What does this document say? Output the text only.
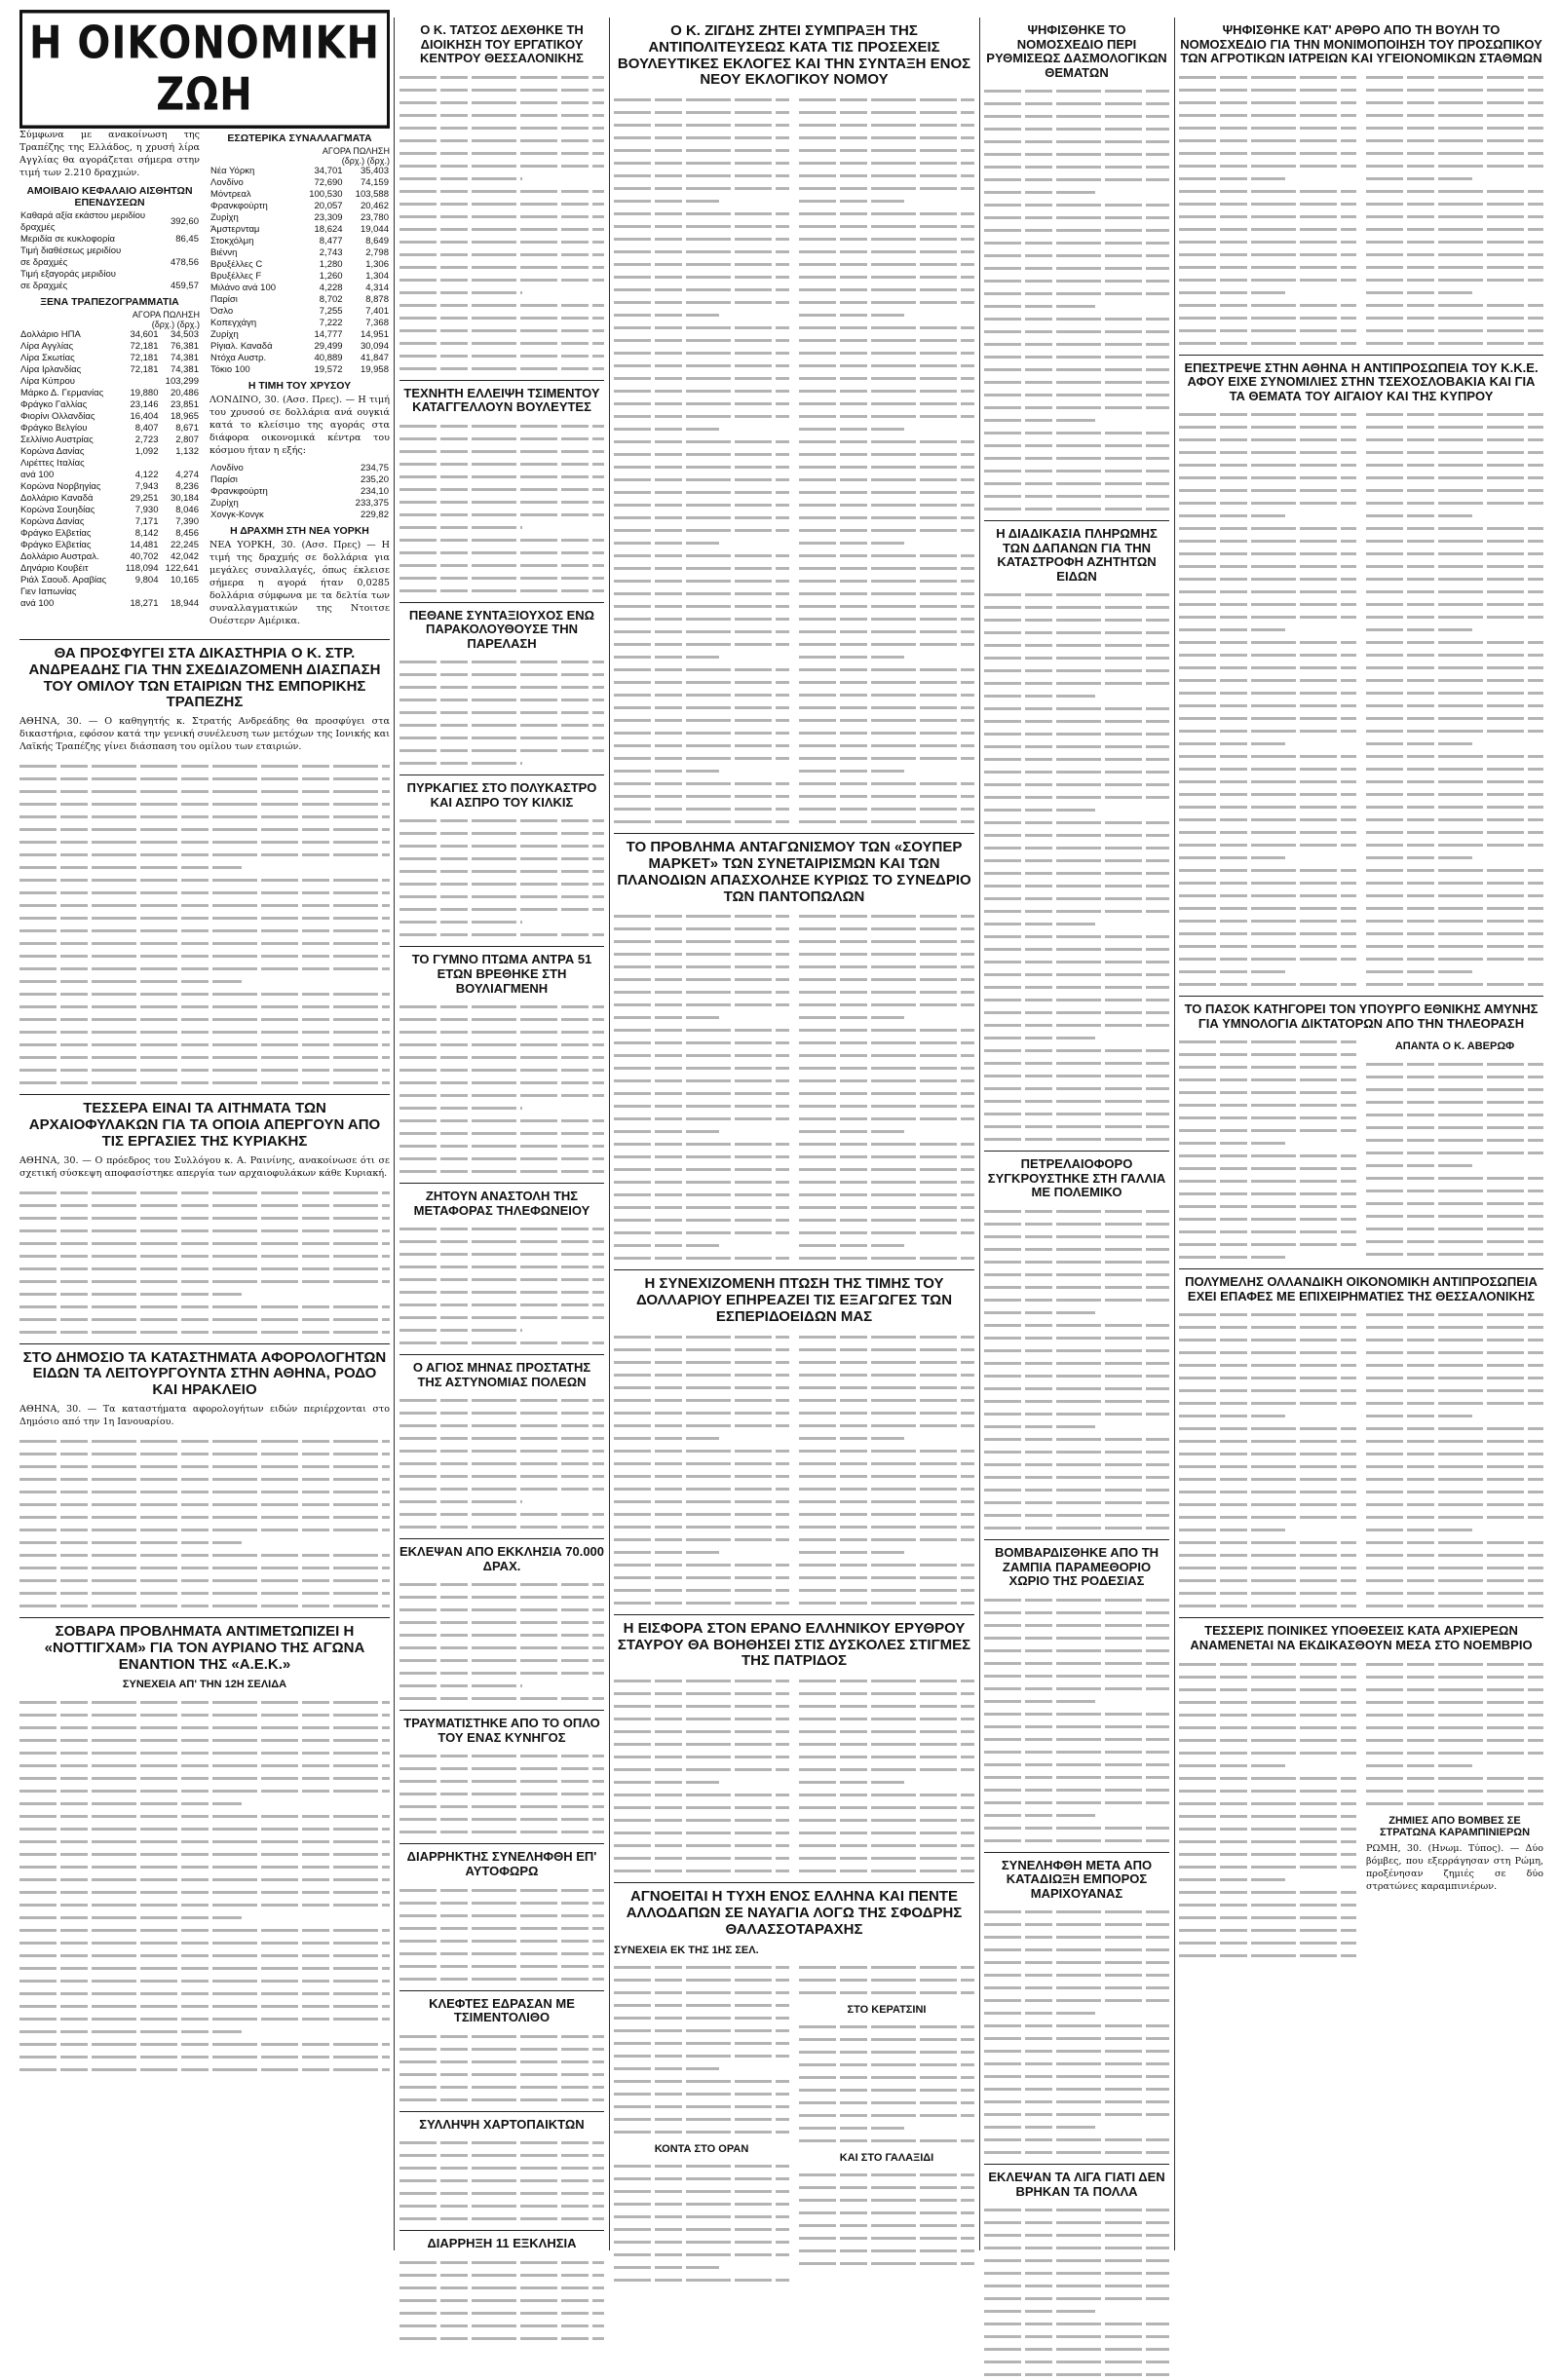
Η ΟΙΚΟΝΟΜΙΚΗ ΖΩΗ

Σύμφωνα με ανακοίνωση της Τραπέζης της Ελλάδος, η χρυσή λίρα Αγγλίας θα αγοράζεται σήμερα στην τιμή των 2.210 δραχμών.

ΑΜΟΙΒΑΙΟ ΚΕΦΑΛΑΙΟ ΑΙΣΘΗΤΩΝ ΕΠΕΝΔΥΣΕΩΝ
Καθαρά αξία εκάστου μεριδίου δραχμές	392,60
Μεριδία σε κυκλοφορία	86,45
Τιμή διαθέσεως μεριδίου	
σε δραχμές	478,56
Τιμή εξαγοράς μεριδίου	
σε δραχμές	459,57
ΞΕΝΑ ΤΡΑΠΕΖΟΓΡΑΜΜΑΤΙΑ
ΑΓΟΡΑ ΠΩΛΗΣΗ
(δρχ.) (δρχ.)
Δολλάριο ΗΠΑ	34,601	34,503
Λίρα Αγγλίας	72,181	76,381
Λίρα Σκωτίας	72,181	74,381
Λίρα Ιρλανδίας	72,181	74,381
Λίρα Κύπρου		103,299
Μάρκο Δ. Γερμανίας	19,880	20,486
Φράγκο Γαλλίας	23,146	23,851
Φιορίνι Ολλανδίας	16,404	18,965
Φράγκο Βελγίου	8,407	8,671
Σελλίνιο Αυστρίας	2,723	2,807
Κορώνα Δανίας	1,092	1,132
Λιρέττες Ιταλίας		
ανά 100	4,122	4,274
Κορώνα Νορβηγίας	7,943	8,236
Δολλάριο Καναδά	29,251	30,184
Κορώνα Σουηδίας	7,930	8,046
Κορώνα Δανίας	7,171	7,390
Φράγκο Ελβετίας	8,142	8,456
Φράγκο Ελβετίας	14,481	22,245
Δολλάριο Αυστραλ.	40,702	42,042
Δηνάριο Κουβέιτ	118,094	122,641
Ριάλ Σαουδ. Αραβίας	9,804	10,165
Γιεν Ιαπωνίας		
ανά 100	18,271	18,944
ΕΣΩΤΕΡΙΚΑ ΣΥΝΑΛΛΑΓΜΑΤΑ
ΑΓΟΡΑ ΠΩΛΗΣΗ
(δρχ.) (δρχ.)
Νέα Υόρκη	34,701	35,403
Λονδίνο	72,690	74,159
Μόντρεαλ	100,530	103,588
Φρανκφούρτη	20,057	20,462
Ζυρίχη	23,309	23,780
Άμστερνταμ	18,624	19,044
Στοκχόλμη	8,477	8,649
Βιέννη	2,743	2,798
Βρυξέλλες C	1,280	1,306
Βρυξέλλες F	1,260	1,304
Μιλάνο ανά 100	4,228	4,314
Παρίσι	8,702	8,878
Όσλο	7,255	7,401
Κοπεγχάγη	7,222	7,368
Ζυρίχη	14,777	14,951
Ρίγιαλ. Καναδά	29,499	30,094
Ντόχα Αυστρ.	40,889	41,847
Τόκιο 100	19,572	19,958
Η ΤΙΜΗ ΤΟΥ ΧΡΥΣΟΥ

ΛΟΝΔΙΝΟ, 30. (Ασσ. Πρες). — Η τιμή του χρυσού σε δολλάρια ανά ουγκιά κατά το κλείσιμο της αγοράς στα διάφορα οικονομικά κέντρα του κόσμου ήταν η εξής:

Λονδίνο	234,75
Παρίσι	235,20
Φρανκφούρτη	234,10
Ζυρίχη	233,375
Χονγκ-Κονγκ	229,82
Η ΔΡΑΧΜΗ ΣΤΗ ΝΕΑ ΥΟΡΚΗ

ΝΕΑ ΥΟΡΚΗ, 30. (Ασσ. Πρες) — Η τιμή της δραχμής σε δολλάρια για μεγάλες συναλλαγές, όπως έκλεισε σήμερα η αγορά ήταν 0,0285 δολλάρια σύμφωνα με τα δελτία των συναλλαγματικών της Ντοιτσε Ουέστερν Αμέρικα.

ΘΑ ΠΡΟΣΦΥΓΕΙ ΣΤΑ ΔΙΚΑΣΤΗΡΙΑ Ο Κ. ΣΤΡ. ΑΝΔΡΕΑΔΗΣ ΓΙΑ ΤΗΝ ΣΧΕΔΙΑΖΟΜΕΝΗ ΔΙΑΣΠΑΣΗ ΤΟΥ ΟΜΙΛΟΥ ΤΩΝ ΕΤΑΙΡΙΩΝ ΤΗΣ ΕΜΠΟΡΙΚΗΣ ΤΡΑΠΕΖΗΣ

ΑΘΗΝΑ, 30. — Ο καθηγητής κ. Στρατής Ανδρεάδης θα προσφύγει στα δικαστήρια, εφόσον κατά την γενική συνέλευση των μετόχων της Ιονικής και Λαϊκής Τραπέζης γίνει διάσπαση του ομίλου των εταιριών.

ΤΕΣΣΕΡΑ ΕΙΝΑΙ ΤΑ ΑΙΤΗΜΑΤΑ ΤΩΝ ΑΡΧΑΙΟΦΥΛΑΚΩΝ ΓΙΑ ΤΑ ΟΠΟΙΑ ΑΠΕΡΓΟΥΝ ΑΠΟ ΤΙΣ ΕΡΓΑΣΙΕΣ ΤΗΣ ΚΥΡΙΑΚΗΣ

ΑΘΗΝΑ, 30. — Ο πρόεδρος του Συλλόγου κ. Α. Ραινίνης, ανακοίνωσε ότι σε σχετική σύσκεψη αποφασίστηκε απεργία των αρχαιοφυλάκων κάθε Κυριακή.

ΣΤΟ ΔΗΜΟΣΙΟ ΤΑ ΚΑΤΑΣΤΗΜΑΤΑ ΑΦΟΡΟΛΟΓΗΤΩΝ ΕΙΔΩΝ ΤΑ ΛΕΙΤΟΥΡΓΟΥΝΤΑ ΣΤΗΝ ΑΘΗΝΑ, ΡΟΔΟ ΚΑΙ ΗΡΑΚΛΕΙΟ

ΑΘΗΝΑ, 30. — Τα καταστήματα αφορολογήτων ειδών περιέρχονται στο Δημόσιο από την 1η Ιανουαρίου.

ΣΟΒΑΡΑ ΠΡΟΒΛΗΜΑΤΑ ΑΝΤΙΜΕΤΩΠΙΖΕΙ Η «ΝΟΤΤΙΓΧΑΜ» ΓΙΑ ΤΟΝ ΑΥΡΙΑΝΟ ΤΗΣ ΑΓΩΝΑ ΕΝΑΝΤΙΟΝ ΤΗΣ «Α.Ε.Κ.»
ΣΥΝΕΧΕΙΑ ΑΠ' ΤΗΝ 12Η ΣΕΛΙΔΑ
Ο Κ. ΤΑΤΣΟΣ ΔΕΧΘΗΚΕ ΤΗ ΔΙΟΙΚΗΣΗ ΤΟΥ ΕΡΓΑΤΙΚΟΥ ΚΕΝΤΡΟΥ ΘΕΣΣΑΛΟΝΙΚΗΣ
ΤΕΧΝΗΤΗ ΕΛΛΕΙΨΗ ΤΣΙΜΕΝΤΟΥ ΚΑΤΑΓΓΕΛΛΟΥΝ ΒΟΥΛΕΥΤΕΣ
ΠΕΘΑΝΕ ΣΥΝΤΑΞΙΟΥΧΟΣ ΕΝΩ ΠΑΡΑΚΟΛΟΥΘΟΥΣΕ ΤΗΝ ΠΑΡΕΛΑΣΗ
ΠΥΡΚΑΓΙΕΣ ΣΤΟ ΠΟΛΥΚΑΣΤΡΟ ΚΑΙ ΑΣΠΡΟ ΤΟΥ ΚΙΛΚΙΣ
ΤΟ ΓΥΜΝΟ ΠΤΩΜΑ ΑΝΤΡΑ 51 ΕΤΩΝ ΒΡΕΘΗΚΕ ΣΤΗ ΒΟΥΛΙΑΓΜΕΝΗ
ΖΗΤΟΥΝ ΑΝΑΣΤΟΛΗ ΤΗΣ ΜΕΤΑΦΟΡΑΣ ΤΗΛΕΦΩΝΕΙΟΥ
Ο ΑΓΙΟΣ ΜΗΝΑΣ ΠΡΟΣΤΑΤΗΣ ΤΗΣ ΑΣΤΥΝΟΜΙΑΣ ΠΟΛΕΩΝ
ΕΚΛΕΨΑΝ ΑΠΟ ΕΚΚΛΗΣΙΑ 70.000 ΔΡΑΧ.
ΤΡΑΥΜΑΤΙΣΤΗΚΕ ΑΠΟ ΤΟ ΟΠΛΟ ΤΟΥ ΕΝΑΣ ΚΥΝΗΓΟΣ
ΔΙΑΡΡΗΚΤΗΣ ΣΥΝΕΛΗΦΘΗ ΕΠ' ΑΥΤΟΦΩΡΩ
ΚΛΕΦΤΕΣ ΕΔΡΑΣΑΝ ΜΕ ΤΣΙΜΕΝΤΟΛΙΘΟ
ΣΥΛΛΗΨΗ ΧΑΡΤΟΠΑΙΚΤΩΝ
ΔΙΑΡΡΗΞΗ 11 ΕΞΚΛΗΣΙΑ
Ο Κ. ΖΙΓΔΗΣ ΖΗΤΕΙ ΣΥΜΠΡΑΞΗ ΤΗΣ ΑΝΤΙΠΟΛΙΤΕΥΣΕΩΣ ΚΑΤΑ ΤΙΣ ΠΡΟΣΕΧΕΙΣ ΒΟΥΛΕΥΤΙΚΕΣ ΕΚΛΟΓΕΣ ΚΑΙ ΤΗΝ ΣΥΝΤΑΞΗ ΕΝΟΣ ΝΕΟΥ ΕΚΛΟΓΙΚΟΥ ΝΟΜΟΥ
ΤΟ ΠΡΟΒΛΗΜΑ ΑΝΤΑΓΩΝΙΣΜΟΥ ΤΩΝ «ΣΟΥΠΕΡ ΜΑΡΚΕΤ» ΤΩΝ ΣΥΝΕΤΑΙΡΙΣΜΩΝ ΚΑΙ ΤΩΝ ΠΛΑΝΟΔΙΩΝ ΑΠΑΣΧΟΛΗΣΕ ΚΥΡΙΩΣ ΤΟ ΣΥΝΕΔΡΙΟ ΤΩΝ ΠΑΝΤΟΠΩΛΩΝ
Η ΣΥΝΕΧΙΖΟΜΕΝΗ ΠΤΩΣΗ ΤΗΣ ΤΙΜΗΣ ΤΟΥ ΔΟΛΛΑΡΙΟΥ ΕΠΗΡΕΑΖΕΙ ΤΙΣ ΕΞΑΓΩΓΕΣ ΤΩΝ ΕΣΠΕΡΙΔΟΕΙΔΩΝ ΜΑΣ
Η ΕΙΣΦΟΡΑ ΣΤΟΝ ΕΡΑΝΟ ΕΛΛΗΝΙΚΟΥ ΕΡΥΘΡΟΥ ΣΤΑΥΡΟΥ ΘΑ ΒΟΗΘΗΣΕΙ ΣΤΙΣ ΔΥΣΚΟΛΕΣ ΣΤΙΓΜΕΣ ΤΗΣ ΠΑΤΡΙΔΟΣ
ΑΓΝΟΕΙΤΑΙ Η ΤΥΧΗ ΕΝΟΣ ΕΛΛΗΝΑ ΚΑΙ ΠΕΝΤΕ ΑΛΛΟΔΑΠΩΝ ΣΕ ΝΑΥΑΓΙΑ ΛΟΓΩ ΤΗΣ ΣΦΟΔΡΗΣ ΘΑΛΑΣΣΟΤΑΡΑΧΗΣ
ΣΥΝΕΧΕΙΑ ΕΚ ΤΗΣ 1ΗΣ ΣΕΛ.
ΚΟΝΤΑ ΣΤΟ ΟΡΑΝ
ΣΤΟ ΚΕΡΑΤΣΙΝΙ
ΚΑΙ ΣΤΟ ΓΑΛΑΞΙΔΙ
ΨΗΦΙΣΘΗΚΕ ΤΟ ΝΟΜΟΣΧΕΔΙΟ ΠΕΡΙ ΡΥΘΜΙΣΕΩΣ ΔΑΣΜΟΛΟΓΙΚΩΝ ΘΕΜΑΤΩΝ
Η ΔΙΑΔΙΚΑΣΙΑ ΠΛΗΡΩΜΗΣ ΤΩΝ ΔΑΠΑΝΩΝ ΓΙΑ ΤΗΝ ΚΑΤΑΣΤΡΟΦΗ ΑΖΗΤΗΤΩΝ ΕΙΔΩΝ
ΠΕΤΡΕΛΑΙΟΦΟΡΟ ΣΥΓΚΡΟΥΣΤΗΚΕ ΣΤΗ ΓΑΛΛΙΑ ΜΕ ΠΟΛΕΜΙΚΟ
ΒΟΜΒΑΡΔΙΣΘΗΚΕ ΑΠΟ ΤΗ ΖΑΜΠΙΑ ΠΑΡΑΜΕΘΟΡΙΟ ΧΩΡΙΟ ΤΗΣ ΡΟΔΕΣΙΑΣ
ΣΥΝΕΛΗΦΘΗ ΜΕΤΑ ΑΠΟ ΚΑΤΑΔΙΩΞΗ ΕΜΠΟΡΟΣ ΜΑΡΙΧΟΥΑΝΑΣ
ΕΚΛΕΨΑΝ ΤΑ ΛΙΓΑ ΓΙΑΤΙ ΔΕΝ ΒΡΗΚΑΝ ΤΑ ΠΟΛΛΑ
ΨΗΦΙΣΘΗΚΕ ΚΑΤ' ΑΡΘΡΟ ΑΠΟ ΤΗ ΒΟΥΛΗ ΤΟ ΝΟΜΟΣΧΕΔΙΟ ΓΙΑ ΤΗΝ ΜΟΝΙΜΟΠΟΙΗΣΗ ΤΟΥ ΠΡΟΣΩΠΙΚΟΥ ΤΩΝ ΑΓΡΟΤΙΚΩΝ ΙΑΤΡΕΙΩΝ ΚΑΙ ΥΓΕΙΟΝΟΜΙΚΩΝ ΣΤΑΘΜΩΝ
ΕΠΕΣΤΡΕΨΕ ΣΤΗΝ ΑΘΗΝΑ Η ΑΝΤΙΠΡΟΣΩΠΕΙΑ ΤΟΥ Κ.Κ.Ε. ΑΦΟΥ ΕΙΧΕ ΣΥΝΟΜΙΛΙΕΣ ΣΤΗΝ ΤΣΕΧΟΣΛΟΒΑΚΙΑ ΚΑΙ ΓΙΑ ΤΑ ΘΕΜΑΤΑ ΤΟΥ ΑΙΓΑΙΟΥ ΚΑΙ ΤΗΣ ΚΥΠΡΟΥ
ΤΟ ΠΑΣΟΚ ΚΑΤΗΓΟΡΕΙ ΤΟΝ ΥΠΟΥΡΓΟ ΕΘΝΙΚΗΣ ΑΜΥΝΗΣ ΓΙΑ ΥΜΝΟΛΟΓΙΑ ΔΙΚΤΑΤΟΡΩΝ ΑΠΟ ΤΗΝ ΤΗΛΕΟΡΑΣΗ
ΑΠΑΝΤΑ Ο Κ. ΑΒΕΡΩΦ
ΠΟΛΥΜΕΛΗΣ ΟΛΛΑΝΔΙΚΗ ΟΙΚΟΝΟΜΙΚΗ ΑΝΤΙΠΡΟΣΩΠΕΙΑ ΕΧΕΙ ΕΠΑΦΕΣ ΜΕ ΕΠΙΧΕΙΡΗΜΑΤΙΕΣ ΤΗΣ ΘΕΣΣΑΛΟΝΙΚΗΣ
ΤΕΣΣΕΡΙΣ ΠΟΙΝΙΚΕΣ ΥΠΟΘΕΣΕΙΣ ΚΑΤΑ ΑΡΧΙΕΡΕΩΝ ΑΝΑΜΕΝΕΤΑΙ ΝΑ ΕΚΔΙΚΑΣΘΟΥΝ ΜΕΣΑ ΣΤΟ ΝΟΕΜΒΡΙΟ
ΖΗΜΙΕΣ ΑΠΟ ΒΟΜΒΕΣ ΣΕ ΣΤΡΑΤΩΝΑ ΚΑΡΑΜΠΙΝΙΕΡΩΝ

ΡΩΜΗ, 30. (Ηνωμ. Τύπος). — Δύο βόμβες, που εξερράγησαν στη Ρώμη, προξένησαν ζημιές σε δύο στρατώνες καραμπινιέρων.
